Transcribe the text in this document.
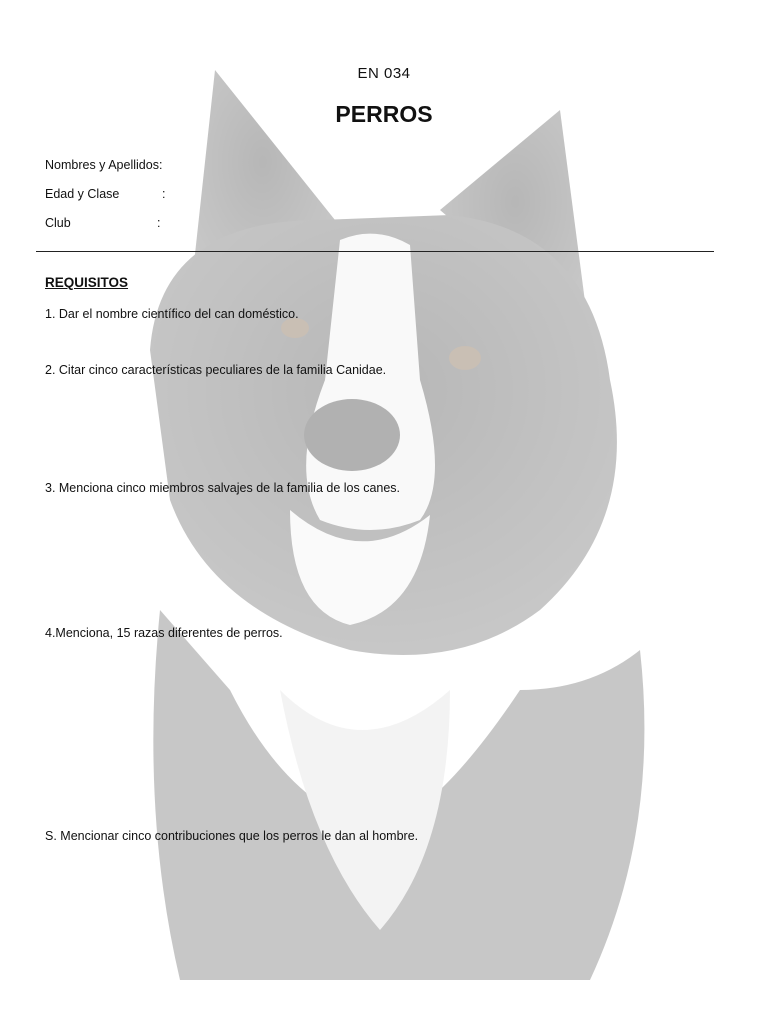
EN 034
PERROS
Nombres y Apellidos:
Edad y Clase	:
Club	:
REQUISITOS
1. Dar el nombre científico del can doméstico.
2. Citar cinco características peculiares de la familia Canidae.
3. Menciona cinco miembros salvajes de la familia de los canes.
4.Menciona, 15 razas diferentes de perros.
S. Mencionar cinco contribuciones que los perros le dan al hombre.
